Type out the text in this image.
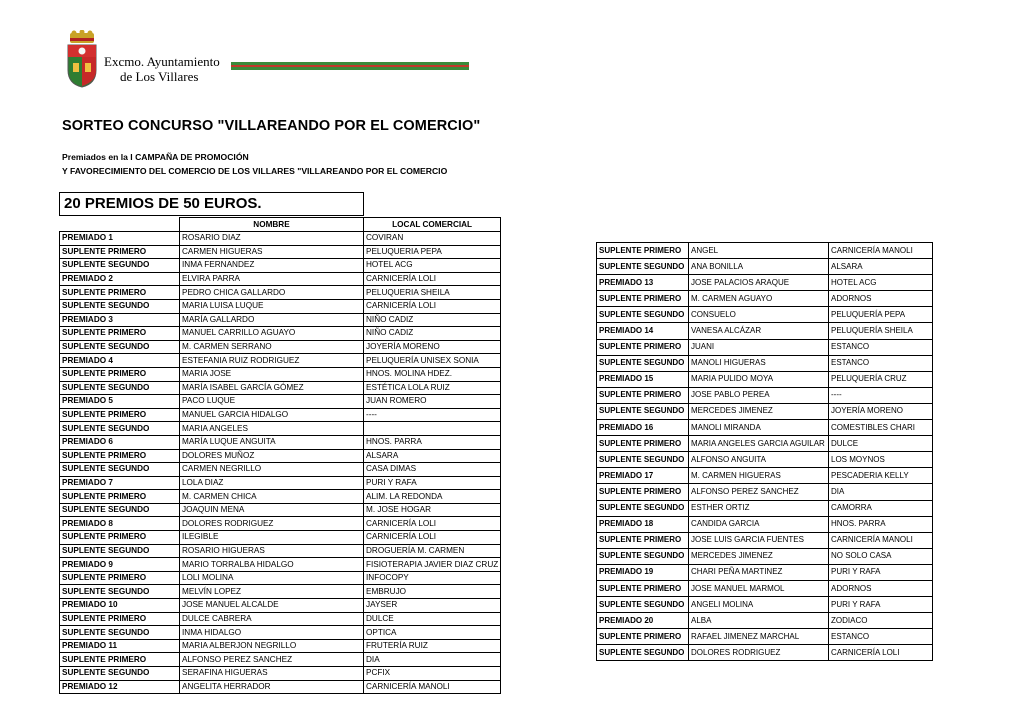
Excmo. Ayuntamiento
de Los Villares
SORTEO CONCURSO "VILLAREANDO POR EL COMERCIO"
Premiados en la I CAMPAÑA DE PROMOCIÓN
Y FAVORECIMIENTO DEL COMERCIO DE LOS VILLARES "VILLAREANDO POR EL COMERCIO
20 PREMIOS DE 50 EUROS.
	NOMBRE	LOCAL COMERCIAL
PREMIADO 1	ROSARIO DIAZ	COVIRAN
SUPLENTE PRIMERO	CARMEN HIGUERAS	PELUQUERIA PEPA
SUPLENTE SEGUNDO	INMA FERNANDEZ	HOTEL ACG
PREMIADO 2	ELVIRA PARRA	CARNICERÍA LOLI
SUPLENTE PRIMERO	PEDRO CHICA GALLARDO	PELUQUERIA SHEILA
SUPLENTE SEGUNDO	MARIA LUISA LUQUE	CARNICERÍA LOLI
PREMIADO 3	MARÍA GALLARDO	NIÑO CADIZ
SUPLENTE PRIMERO	MANUEL CARRILLO AGUAYO	NIÑO CADIZ
SUPLENTE SEGUNDO	M. CARMEN SERRANO	JOYERÍA MORENO
PREMIADO 4	ESTEFANIA RUIZ RODRIGUEZ	PELUQUERÍA UNISEX SONIA
SUPLENTE PRIMERO	MARIA JOSE	HNOS. MOLINA HDEZ.
SUPLENTE SEGUNDO	MARÍA ISABEL GARCÍA GÓMEZ	ESTÉTICA LOLA RUIZ
PREMIADO 5	PACO LUQUE	JUAN ROMERO
SUPLENTE PRIMERO	MANUEL GARCIA HIDALGO	----
SUPLENTE SEGUNDO	MARIA ANGELES	
PREMIADO 6	MARÍA LUQUE ANGUITA	HNOS. PARRA
SUPLENTE PRIMERO	DOLORES MUÑOZ	ALSARA
SUPLENTE SEGUNDO	CARMEN NEGRILLO	CASA DIMAS
PREMIADO 7	LOLA DIAZ	PURI Y RAFA
SUPLENTE PRIMERO	M. CARMEN CHICA	ALIM. LA REDONDA
SUPLENTE SEGUNDO	JOAQUIN MENA	M. JOSE HOGAR
PREMIADO 8	DOLORES RODRIGUEZ	CARNICERÍA LOLI
SUPLENTE PRIMERO	ILEGIBLE	CARNICERÍA LOLI
SUPLENTE SEGUNDO	ROSARIO HIGUERAS	DROGUERÍA M. CARMEN
PREMIADO 9	MARIO TORRALBA HIDALGO	FISIOTERAPIA JAVIER DIAZ CRUZ
SUPLENTE PRIMERO	LOLI MOLINA	INFOCOPY
SUPLENTE SEGUNDO	MELVÍN LOPEZ	EMBRUJO
PREMIADO 10	JOSE MANUEL ALCALDE	JAYSER
SUPLENTE PRIMERO	DULCE CABRERA	DULCE
SUPLENTE SEGUNDO	INMA HIDALGO	OPTICA
PREMIADO 11	MARIA ALBERJON NEGRILLO	FRUTERÍA RUIZ
SUPLENTE PRIMERO	ALFONSO PEREZ SANCHEZ	DIA
SUPLENTE SEGUNDO	SERAFINA HIGUERAS	PCFIX
PREMIADO 12	ANGELITA HERRADOR	CARNICERÍA MANOLI
SUPLENTE PRIMERO	ANGEL	CARNICERÍA MANOLI
SUPLENTE SEGUNDO	ANA BONILLA	ALSARA
PREMIADO 13	JOSE PALACIOS ARAQUE	HOTEL ACG
SUPLENTE PRIMERO	M. CARMEN AGUAYO	ADORNOS
SUPLENTE SEGUNDO	CONSUELO	PELUQUERÍA PEPA
PREMIADO 14	VANESA ALCÁZAR	PELUQUERÍA SHEILA
SUPLENTE PRIMERO	JUANI	ESTANCO
SUPLENTE SEGUNDO	MANOLI HIGUERAS	ESTANCO
PREMIADO 15	MARIA PULIDO MOYA	PELUQUERÍA CRUZ
SUPLENTE PRIMERO	JOSE PABLO PEREA	----
SUPLENTE SEGUNDO	MERCEDES JIMENEZ	JOYERÍA MORENO
PREMIADO 16	MANOLI MIRANDA	COMESTIBLES CHARI
SUPLENTE PRIMERO	MARIA ANGELES GARCIA AGUILAR	DULCE
SUPLENTE SEGUNDO	ALFONSO ANGUITA	LOS MOYNOS
PREMIADO 17	M. CARMEN HIGUERAS	PESCADERIA KELLY
SUPLENTE PRIMERO	ALFONSO PEREZ SANCHEZ	DIA
SUPLENTE SEGUNDO	ESTHER ORTIZ	CAMORRA
PREMIADO 18	CANDIDA GARCIA	HNOS. PARRA
SUPLENTE PRIMERO	JOSE LUIS GARCIA FUENTES	CARNICERÍA MANOLI
SUPLENTE SEGUNDO	MERCEDES JIMENEZ	NO SOLO CASA
PREMIADO 19	CHARI PEÑA MARTINEZ	PURI Y RAFA
SUPLENTE PRIMERO	JOSE MANUEL MARMOL	ADORNOS
SUPLENTE SEGUNDO	ANGELI MOLINA	PURI Y RAFA
PREMIADO 20	ALBA	ZODIACO
SUPLENTE PRIMERO	RAFAEL JIMENEZ MARCHAL	ESTANCO
SUPLENTE SEGUNDO	DOLORES RODRIGUEZ	CARNICERÍA LOLI
